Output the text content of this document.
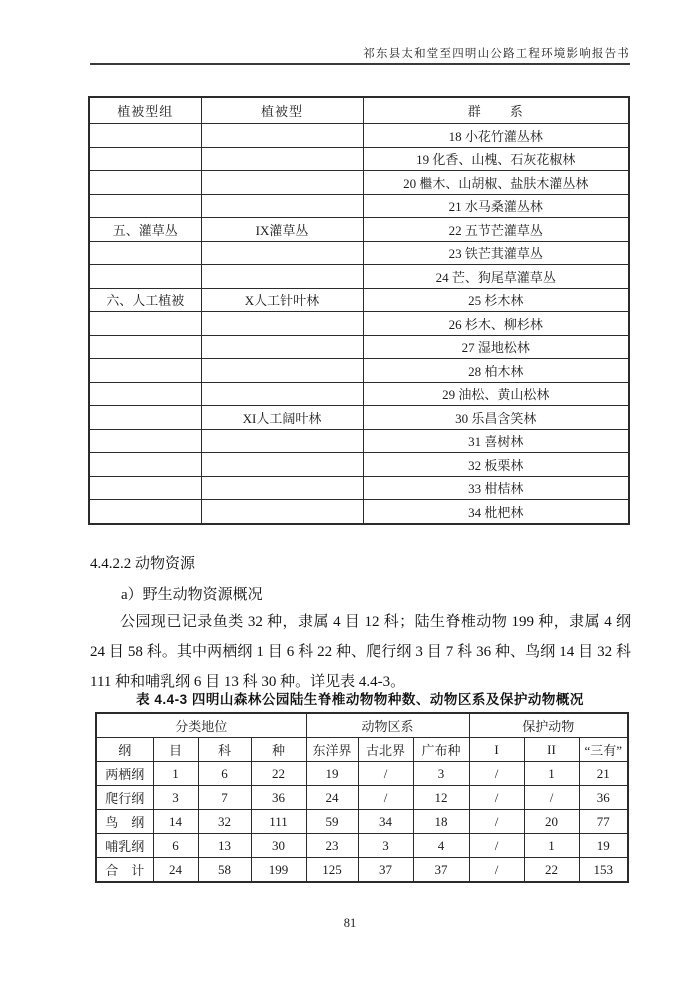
祁东县太和堂至四明山公路工程环境影响报告书
植被型组	植被型	群　　系
		18 小花竹灌丛林
		19 化香、山槐、石灰花椒林
		20 檵木、山胡椒、盐肤木灌丛林
		21 水马桑灌丛林
五、灌草丛	IX灌草丛	22 五节芒灌草丛
		23 铁芒萁灌草丛
		24 芒、狗尾草灌草丛
六、人工植被	X人工针叶林	25 杉木林
		26 杉木、柳杉林
		27 湿地松林
		28 柏木林
		29 油松、黄山松林
	XI人工阔叶林	30 乐昌含笑林
		31 喜树林
		32 板栗林
		33 柑桔林
		34 枇杷林
4.4.2.2 动物资源
a）野生动物资源概况
公园现已记录鱼类 32 种，隶属 4 目 12 科；陆生脊椎动物 199 种，隶属 4 纲 24 目 58 科。其中两栖纲 1 目 6 科 22 种、爬行纲 3 目 7 科 36 种、鸟纲 14 目 32 科 111 种和哺乳纲 6 目 13 科 30 种。详见表 4.4-3。
表 4.4-3 四明山森林公园陆生脊椎动物物种数、动物区系及保护动物概况
分类地位				动物区系			保护动物		
纲	目	科	种	东洋界	古北界	广布种	I	II	“三有”
两栖纲	1	6	22	19	/	3	/	1	21
爬行纲	3	7	36	24	/	12	/	/	36
鸟　纲	14	32	111	59	34	18	/	20	77
哺乳纲	6	13	30	23	3	4	/	1	19
合　计	24	58	199	125	37	37	/	22	153
81
